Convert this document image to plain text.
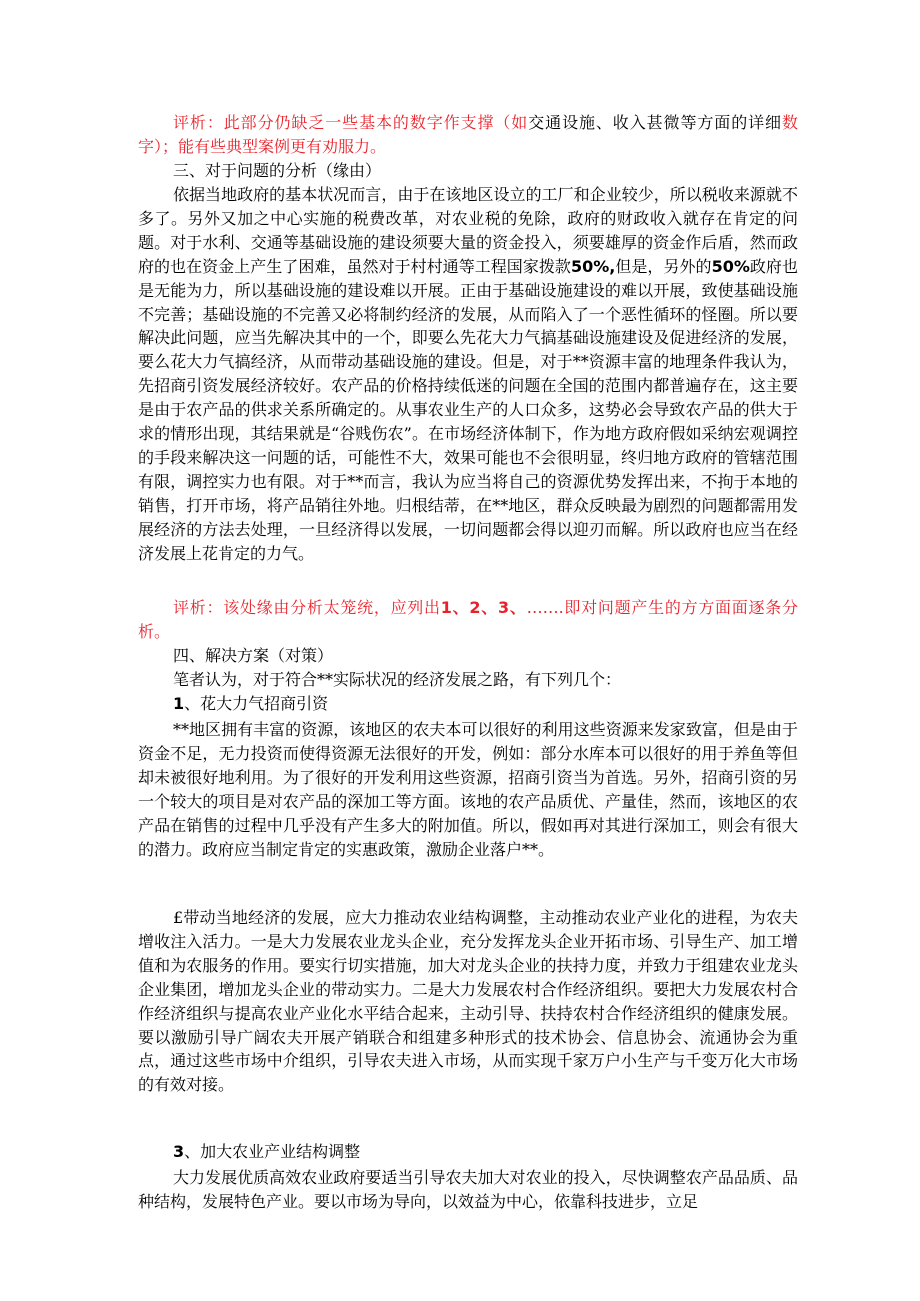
评析：此部分仍缺乏一些基本的数字作支撑（如交通设施、收入甚微等方面的详细数字）；能有些典型案例更有劝服力。

三、对于问题的分析（缘由）

依据当地政府的基本状况而言，由于在该地区设立的工厂和企业较少，所以税收来源就不多了。另外又加之中心实施的税费改革，对农业税的免除，政府的财政收入就存在肯定的问题。对于水利、交通等基础设施的建设须要大量的资金投入，须要雄厚的资金作后盾，然而政府的也在资金上产生了困难，虽然对于村村通等工程国家拨款50%,但是，另外的50%政府也是无能为力，所以基础设施的建设难以开展。正由于基础设施建设的难以开展，致使基础设施不完善；基础设施的不完善又必将制约经济的发展，从而陷入了一个恶性循环的怪圈。所以要解决此问题，应当先解决其中的一个，即要么先花大力气搞基础设施建设及促进经济的发展，要么花大力气搞经济，从而带动基础设施的建设。但是，对于**资源丰富的地理条件我认为，先招商引资发展经济较好。农产品的价格持续低迷的问题在全国的范围内都普遍存在，这主要是由于农产品的供求关系所确定的。从事农业生产的人口众多，这势必会导致农产品的供大于求的情形出现，其结果就是“谷贱伤农”。在市场经济体制下，作为地方政府假如采纳宏观调控的手段来解决这一问题的话，可能性不大，效果可能也不会很明显，终归地方政府的管辖范围有限，调控实力也有限。对于**而言，我认为应当将自己的资源优势发挥出来，不拘于本地的销售，打开市场，将产品销往外地。归根结蒂，在**地区，群众反映最为剧烈的问题都需用发展经济的方法去处理，一旦经济得以发展，一切问题都会得以迎刃而解。所以政府也应当在经济发展上花肯定的力气。

评析：该处缘由分析太笼统，应列出1、2、3、…….即对问题产生的方方面面逐条分析。

四、解决方案（对策）

笔者认为，对于符合**实际状况的经济发展之路，有下列几个：

1、花大力气招商引资

**地区拥有丰富的资源，该地区的农夫本可以很好的利用这些资源来发家致富，但是由于资金不足，无力投资而使得资源无法很好的开发，例如：部分水库本可以很好的用于养鱼等但却未被很好地利用。为了很好的开发利用这些资源，招商引资当为首选。另外，招商引资的另一个较大的项目是对农产品的深加工等方面。该地的农产品质优、产量佳，然而，该地区的农产品在销售的过程中几乎没有产生多大的附加值。所以，假如再对其进行深加工，则会有很大的潜力。政府应当制定肯定的实惠政策，激励企业落户**。

£带动当地经济的发展，应大力推动农业结构调整，主动推动农业产业化的进程，为农夫增收注入活力。一是大力发展农业龙头企业，充分发挥龙头企业开拓市场、引导生产、加工增值和为农服务的作用。要实行切实措施，加大对龙头企业的扶持力度，并致力于组建农业龙头企业集团，增加龙头企业的带动实力。二是大力发展农村合作经济组织。要把大力发展农村合作经济组织与提高农业产业化水平结合起来，主动引导、扶持农村合作经济组织的健康发展。要以激励引导广阔农夫开展产销联合和组建多种形式的技术协会、信息协会、流通协会为重点，通过这些市场中介组织，引导农夫进入市场，从而实现千家万户小生产与千变万化大市场的有效对接。

3、加大农业产业结构调整

大力发展优质高效农业政府要适当引导农夫加大对农业的投入，尽快调整农产品品质、品种结构，发展特色产业。要以市场为导向，以效益为中心，依靠科技进步，立足
